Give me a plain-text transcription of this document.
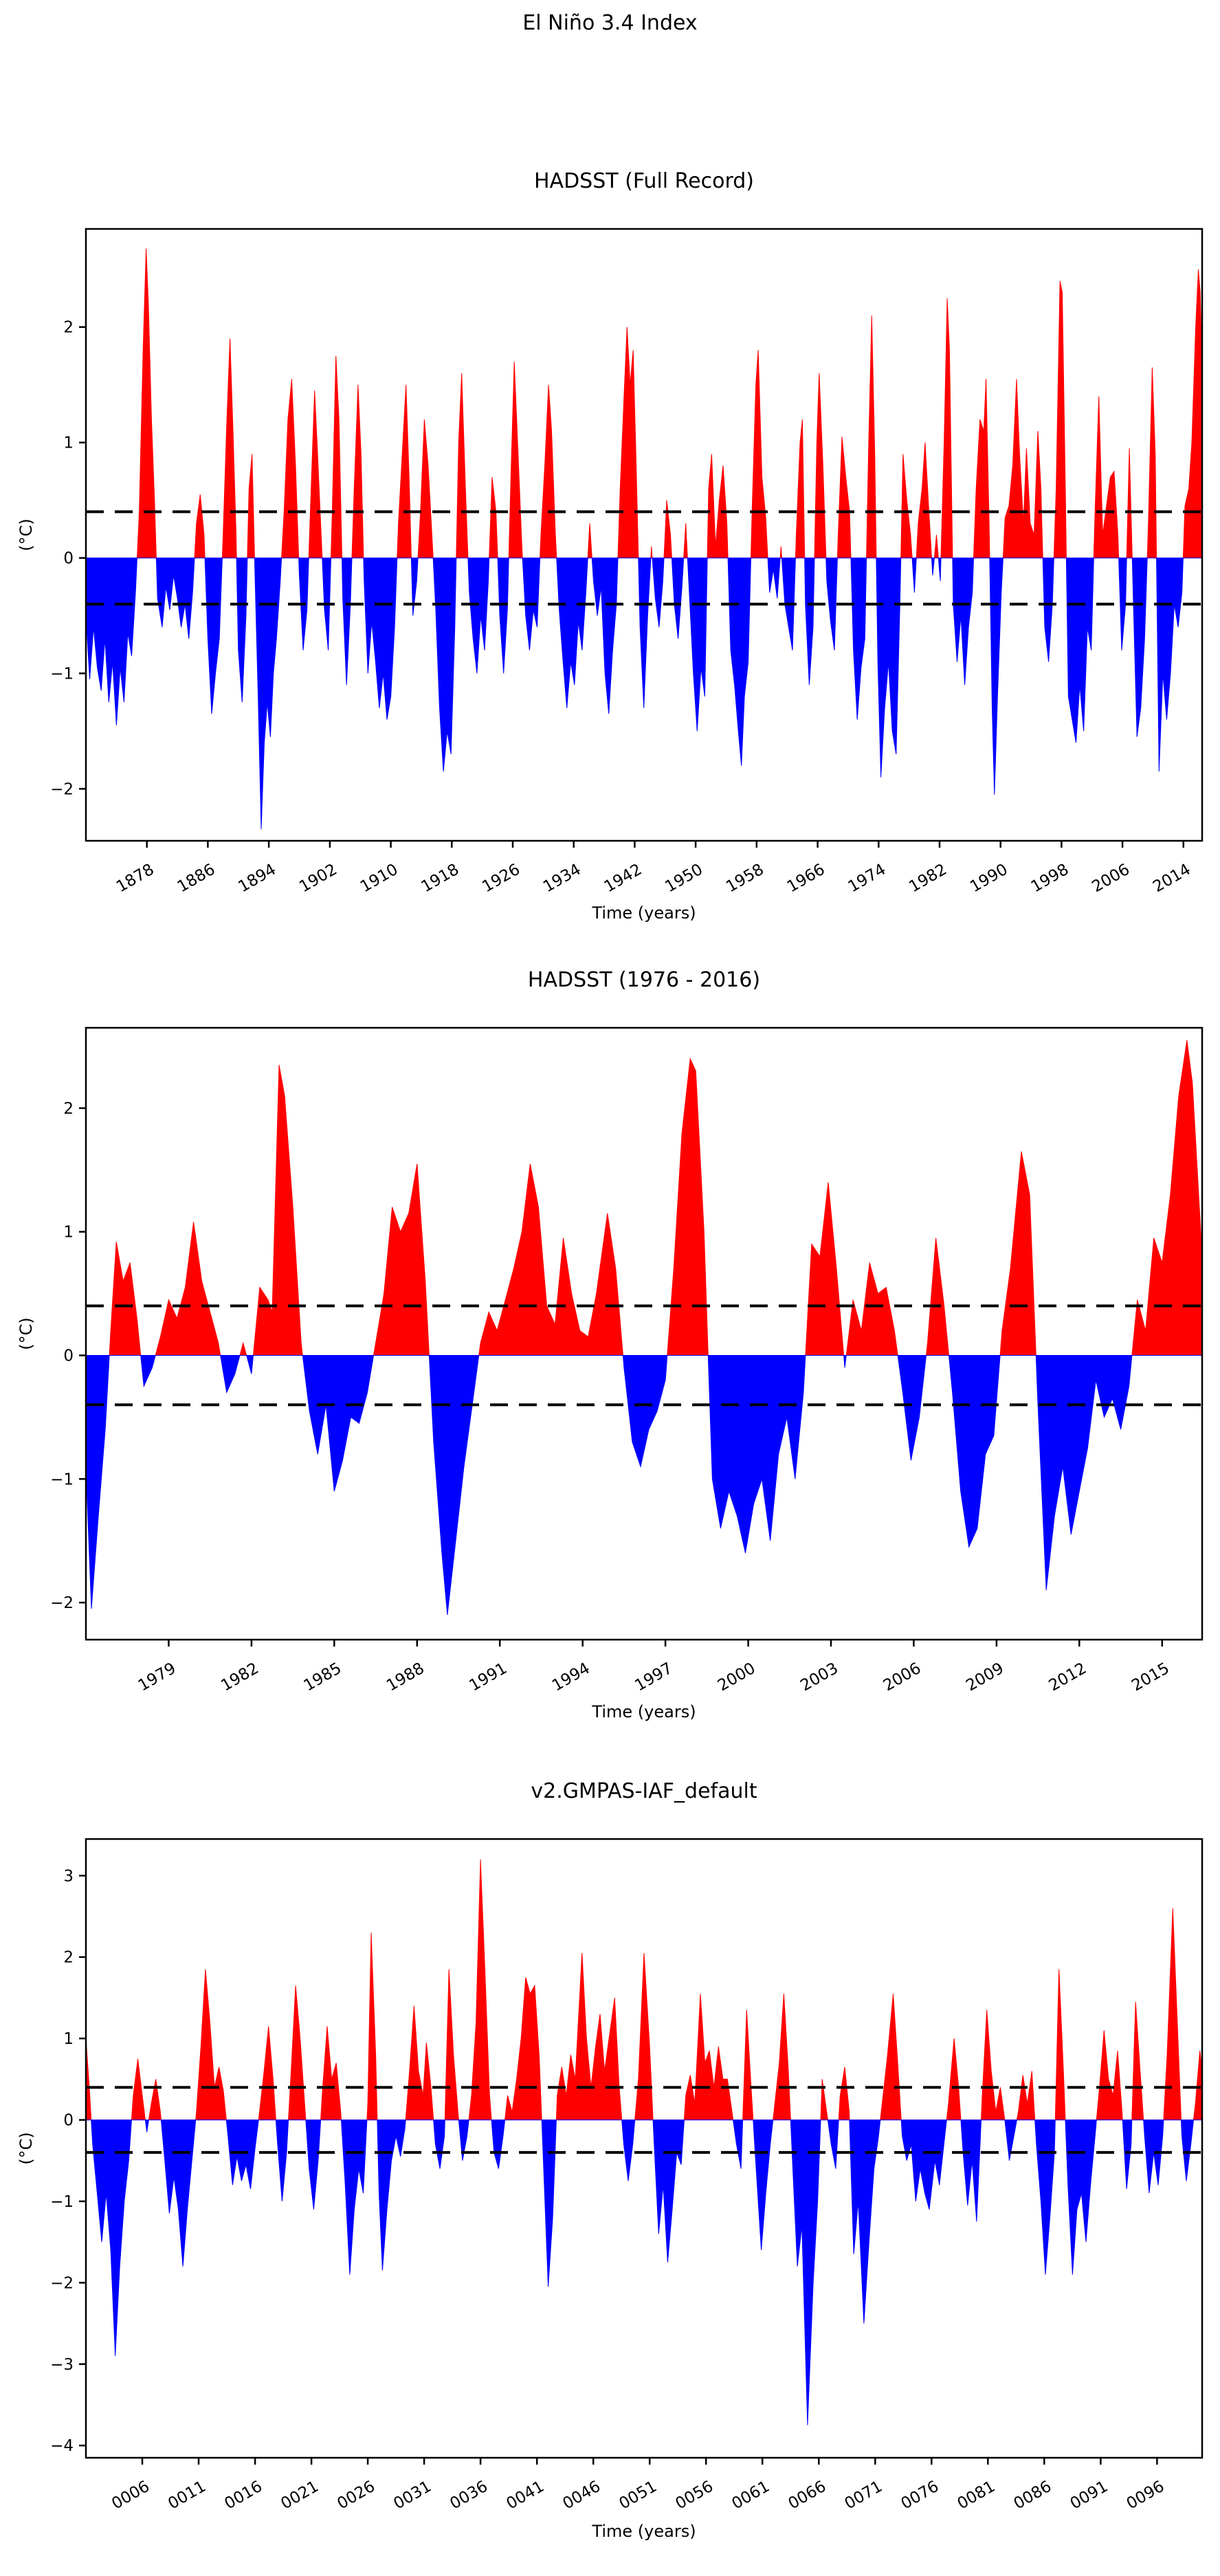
El Niño 3.4 Index
−2
−1
0
1
2
1878 1886 1894 1902 1910 1918 1926 1934 1942 1950 1958 1966 1974 1982 1990 1998 2006 2014
HADSST (Full Record)
Time (years)
(°C)
−2
−1
0
1
2
1979 1982 1985 1988 1991 1994 1997 2000 2003 2006 2009 2012 2015
HADSST (1976 - 2016)
Time (years)
(°C)
−4
−3
−2
−1
0
1
2
3
0006 0011 0016 0021 0026 0031 0036 0041 0046 0051 0056 0061 0066 0071 0076 0081 0086 0091 0096
v2.GMPAS-IAF_default
Time (years)
(°C)
